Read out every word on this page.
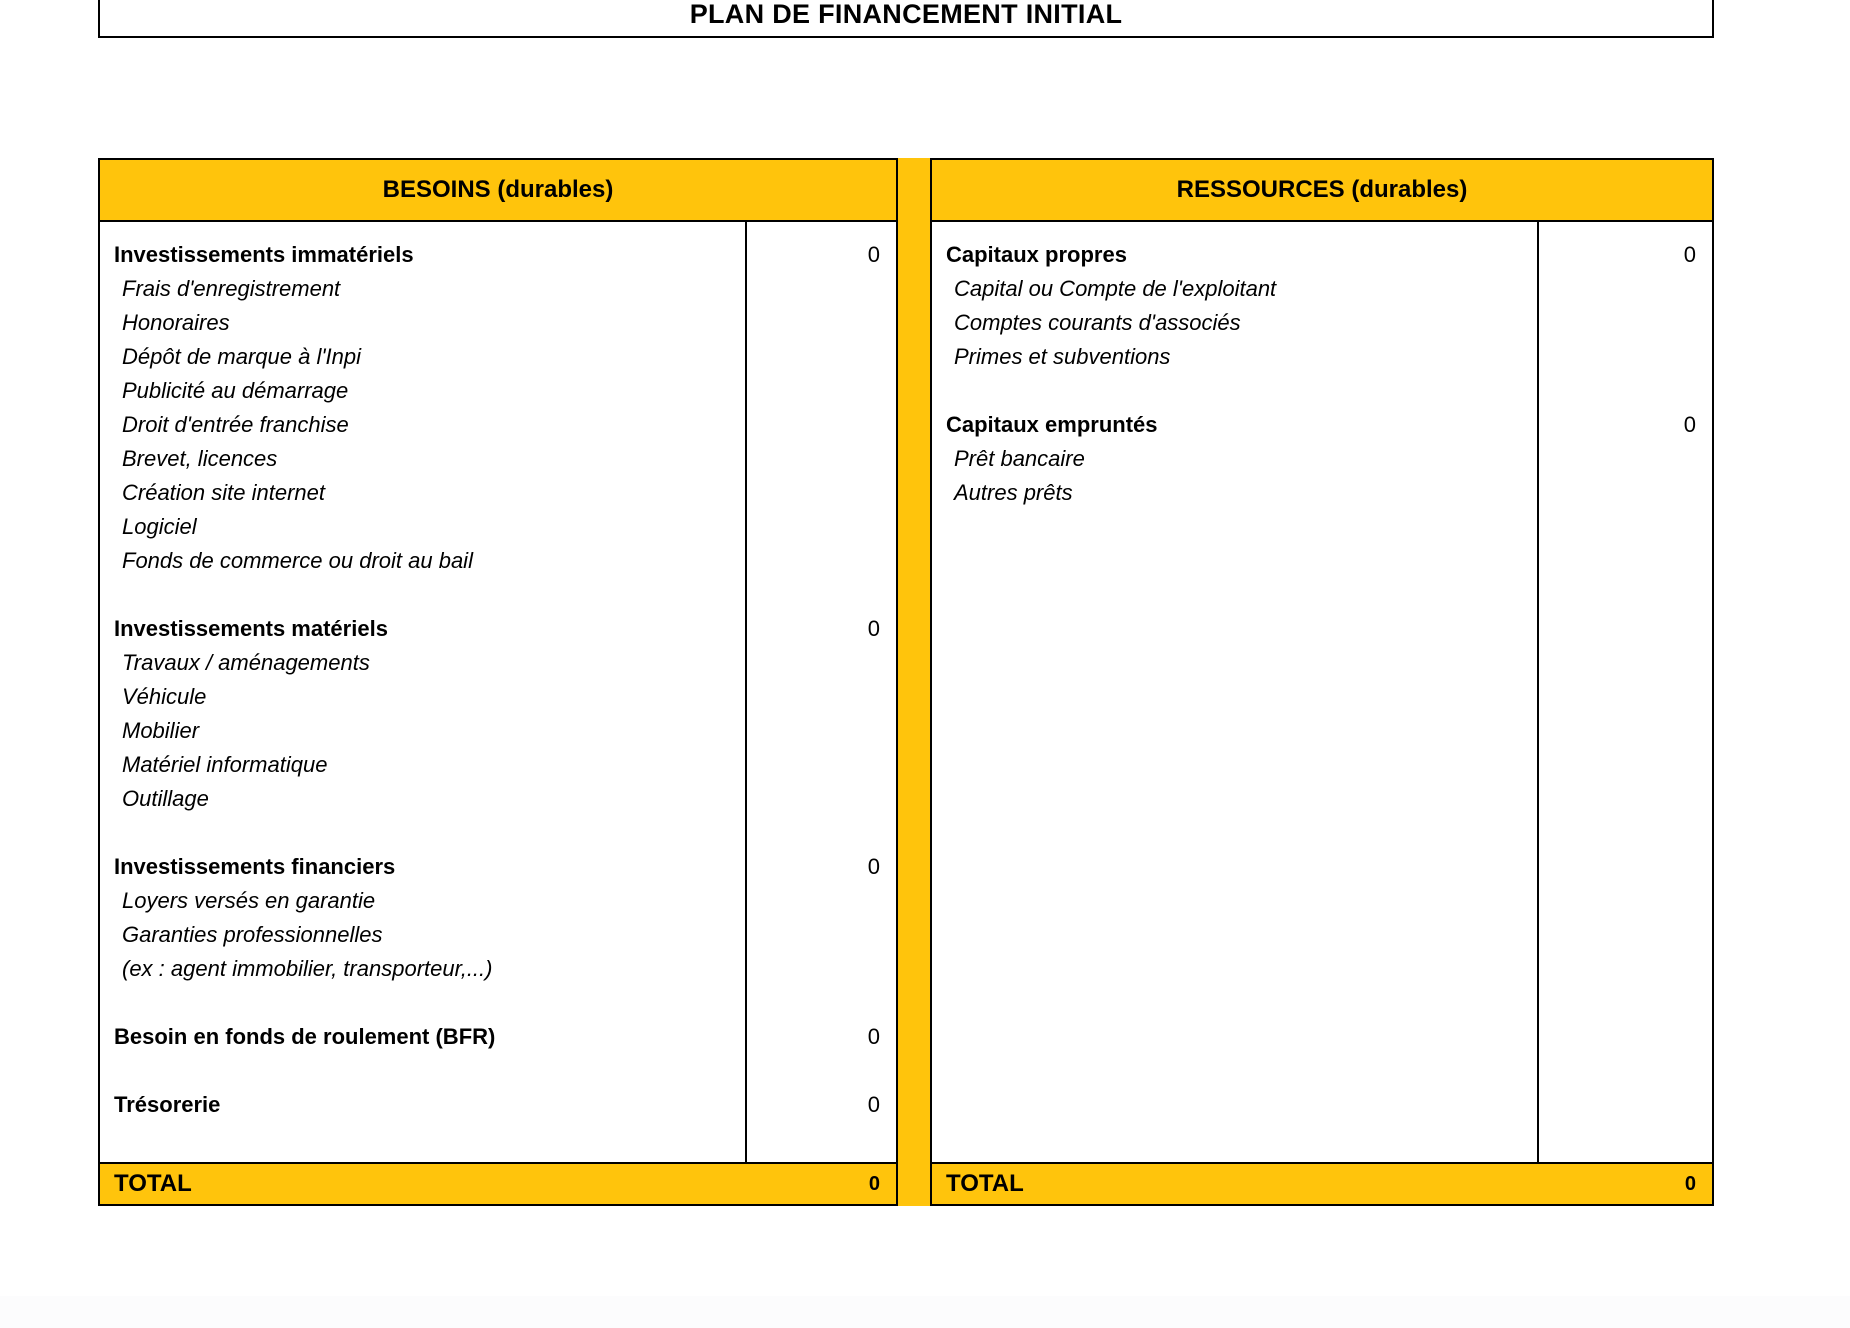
PLAN DE FINANCEMENT INITIAL
BESOINS (durables)
Investissements immatériels	0
Frais d'enregistrement
Honoraires
Dépôt de marque à l'Inpi
Publicité au démarrage
Droit d'entrée franchise
Brevet, licences
Création site internet
Logiciel
Fonds de commerce ou droit au bail
Investissements matériels	0
Travaux / aménagements
Véhicule
Mobilier
Matériel informatique
Outillage
Investissements financiers	0
Loyers versés en garantie
Garanties professionnelles
(ex : agent immobilier, transporteur,...)
Besoin en fonds de roulement (BFR)	0
Trésorerie	0
TOTAL	0
RESSOURCES (durables)
Capitaux propres	0
Capital ou Compte de l'exploitant
Comptes courants d'associés
Primes et subventions
Capitaux empruntés	0
Prêt bancaire
Autres prêts
TOTAL	0
